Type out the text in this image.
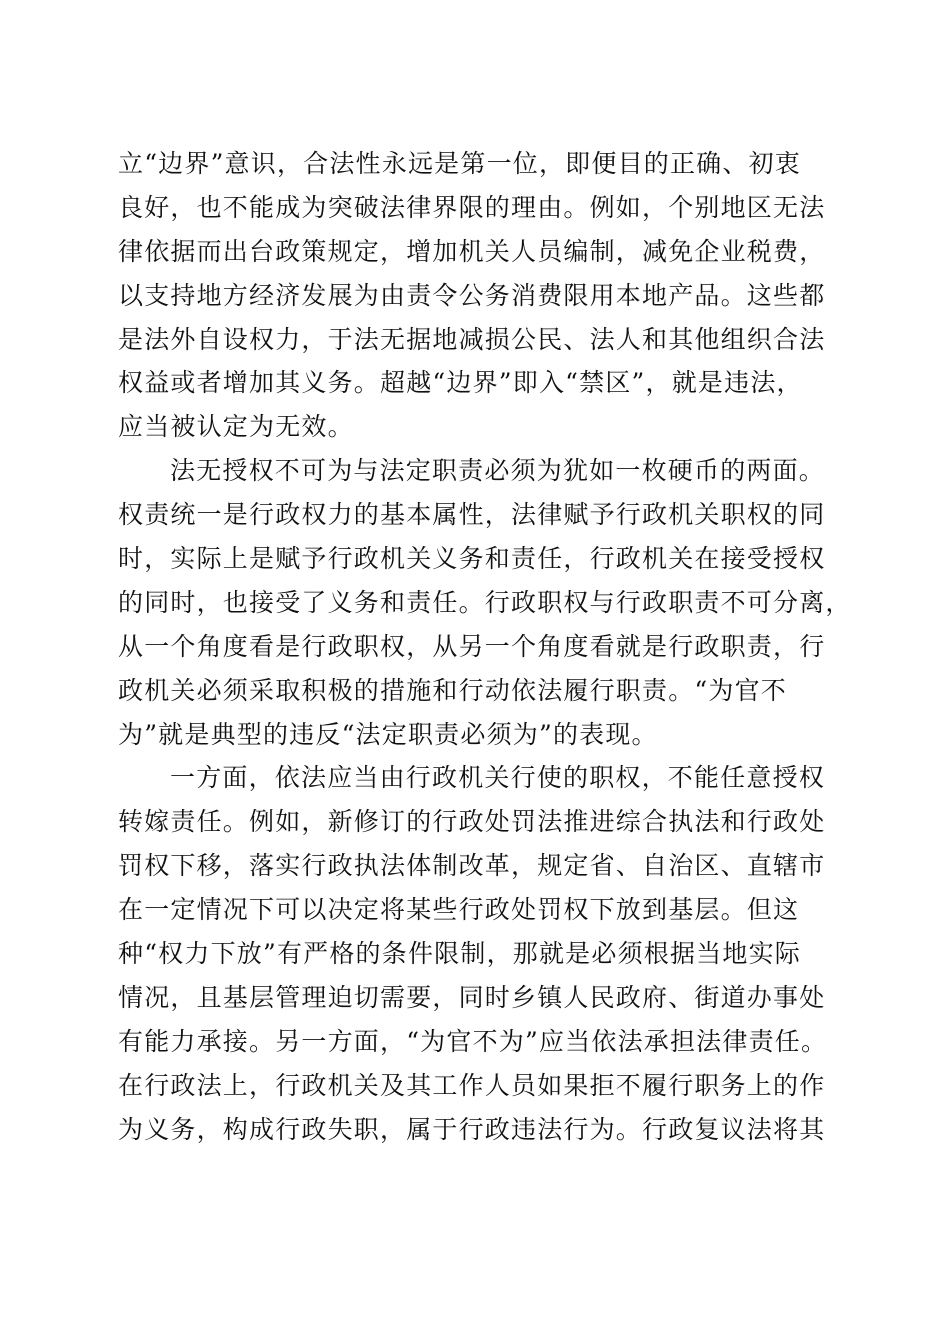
立“边界”意识，合法性永远是第一位，即便目的正确、初衷
良好，也不能成为突破法律界限的理由。例如，个别地区无法
律依据而出台政策规定，增加机关人员编制，减免企业税费，
以支持地方经济发展为由责令公务消费限用本地产品。这些都
是法外自设权力，于法无据地减损公民、法人和其他组织合法
权益或者增加其义务。超越“边界”即入“禁区”，就是违法，
应当被认定为无效。
法无授权不可为与法定职责必须为犹如一枚硬币的两面。
权责统一是行政权力的基本属性，法律赋予行政机关职权的同
时，实际上是赋予行政机关义务和责任，行政机关在接受授权
的同时，也接受了义务和责任。行政职权与行政职责不可分离，
从一个角度看是行政职权，从另一个角度看就是行政职责，行
政机关必须采取积极的措施和行动依法履行职责。“为官不
为”就是典型的违反“法定职责必须为”的表现。
一方面，依法应当由行政机关行使的职权，不能任意授权
转嫁责任。例如，新修订的行政处罚法推进综合执法和行政处
罚权下移，落实行政执法体制改革，规定省、自治区、直辖市
在一定情况下可以决定将某些行政处罚权下放到基层。但这
种“权力下放”有严格的条件限制，那就是必须根据当地实际
情况，且基层管理迫切需要，同时乡镇人民政府、街道办事处
有能力承接。另一方面，“为官不为”应当依法承担法律责任。
在行政法上，行政机关及其工作人员如果拒不履行职务上的作
为义务，构成行政失职，属于行政违法行为。行政复议法将其
